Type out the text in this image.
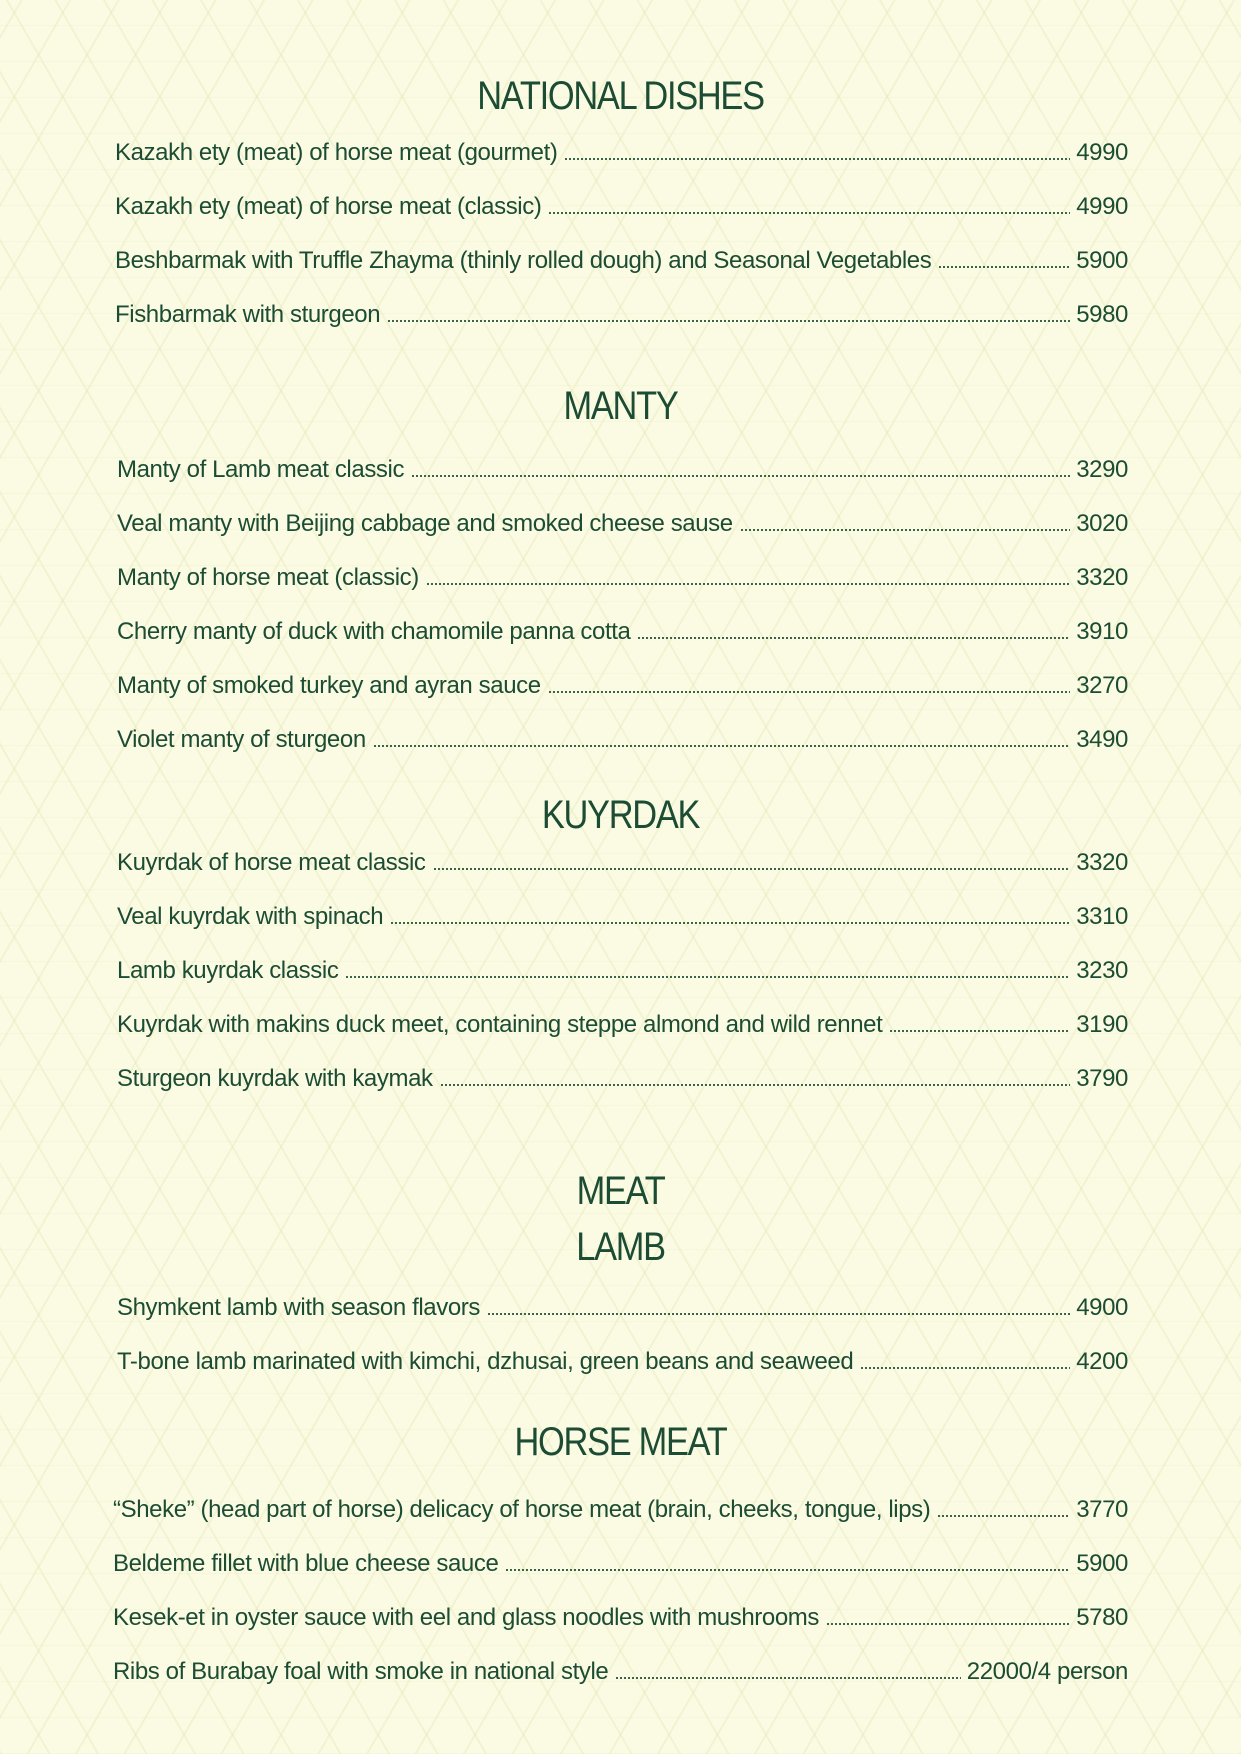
NATIONAL DISHES
Kazakh ety (meat) of horse meat (gourmet)	4990
Kazakh ety (meat) of horse meat (classic)	4990
Beshbarmak with Truffle Zhayma (thinly rolled dough) and Seasonal Vegetables	5900
Fishbarmak with sturgeon	5980
MANTY
Manty of Lamb meat classic	3290
Veal manty with Beijing cabbage and smoked cheese sause	3020
Manty of horse meat (classic)	3320
Cherry manty of duck with chamomile panna cotta	3910
Manty of smoked turkey and ayran sauce	3270
Violet manty of sturgeon	3490
KUYRDAK
Kuyrdak of horse meat classic	3320
Veal kuyrdak with spinach	3310
Lamb kuyrdak classic	3230
Kuyrdak with makins duck meet, containing steppe almond and wild rennet	3190
Sturgeon kuyrdak with kaymak	3790
MEAT
LAMB
Shymkent lamb with season flavors	4900
T-bone lamb marinated with kimchi, dzhusai, green beans and seaweed	4200
HORSE MEAT
“Sheke” (head part of horse) delicacy of horse meat (brain, cheeks, tongue, lips)	3770
Beldeme fillet with blue cheese sauce	5900
Kesek-et in oyster sauce with eel and glass noodles with mushrooms	5780
Ribs of Burabay foal with smoke in national style	22000/4 person
